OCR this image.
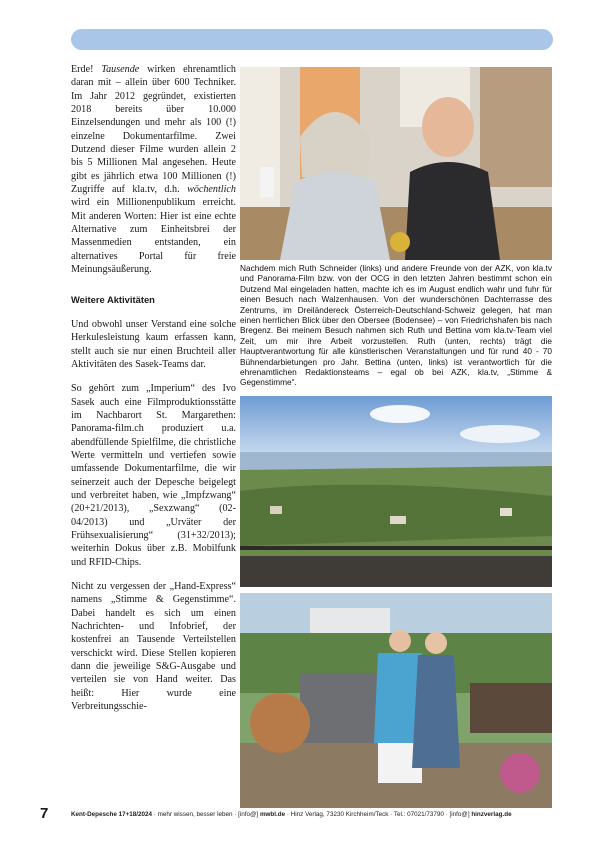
Erde! Tausende wirken ehrenamtlich daran mit – allein über 600 Techniker. Im Jahr 2012 gegründet, existierten 2018 bereits über 10.000 Einzelsendungen und mehr als 100 (!) einzelne Dokumentarfilme. Zwei Dutzend dieser Filme wurden allein 2 bis 5 Millionen Mal angesehen. Heute gibt es jährlich etwa 100 Millionen (!) Zugriffe auf kla.tv, d.h. wöchentlich wird ein Millionenpublikum erreicht. Mit anderen Worten: Hier ist eine echte Alternative zum Einheitsbrei der Massenmedien entstanden, ein alternatives Portal für freie Meinungsäußerung.

Weitere Aktivitäten

Und obwohl unser Verstand eine solche Herkulesleistung kaum erfassen kann, stellt auch sie nur einen Bruchteil aller Aktivitäten des Sasek-Teams dar.

So gehört zum „Imperium“ des Ivo Sasek auch eine Filmproduktionsstätte im Nachbarort St. Margarethen: Panorama-film.ch produziert u.a. abendfüllende Spielfilme, die christliche Werte vermitteln und vertiefen sowie umfassende Dokumentarfilme, die wir seinerzeit auch der Depesche beigelegt und verbreitet haben, wie „Impfzwang“ (20+21/2013), „Sexzwang“ (02-04/2013) und „Urväter der Frühsexualisierung“ (31+32/2013); weiterhin Dokus über z.B. Mobilfunk und RFID-Chips.

Nicht zu vergessen der „Hand-Express“ namens „Stimme & Gegenstimme“. Dabei handelt es sich um einen Nachrichten- und Infobrief, der kostenfrei an Tausende Verteilstellen verschickt wird. Diese Stellen kopieren dann die jeweilige S&G-Ausgabe und verteilen sie von Hand weiter. Das heißt: Hier wurde eine Verbreitungsschie-

Nachdem mich Ruth Schneider (links) und andere Freunde von der AZK, von kla.tv und Panorama-Film bzw. von der OCG in den letzten Jahren bestimmt schon ein Dutzend Mal eingeladen hatten, machte ich es im August endlich wahr und fuhr für einen Besuch nach Walzenhausen. Von der wunderschönen Dachterrasse des Zentrums, im Dreiländereck Österreich-Deutschland-Schweiz gelegen, hat man einen herrlichen Blick über den Obersee (Bodensee) – von Friedrichshafen bis nach Bregenz. Bei meinem Besuch nahmen sich Ruth und Bettina vom kla.tv-Team viel Zeit, um mir ihre Arbeit vorzustellen. Ruth (unten, rechts) trägt die Hauptverantwortung für alle künstlerischen Veranstaltungen und für rund 40 - 70 Bühnendarbietungen pro Jahr. Bettina (unten, links) ist verantwortlich für die ehrenamtlichen Redaktionsteams – egal ob bei AZK, kla.tv, „Stimme & Gegenstimme“.
7	Kent-Depesche 17+18/2024 · mehr wissen, besser leben · [info@] mwbl.de · Hinz Verlag, 73230 Kirchheim/Teck · Tel.: 07021/73790 · [info@] hinzverlag.de
